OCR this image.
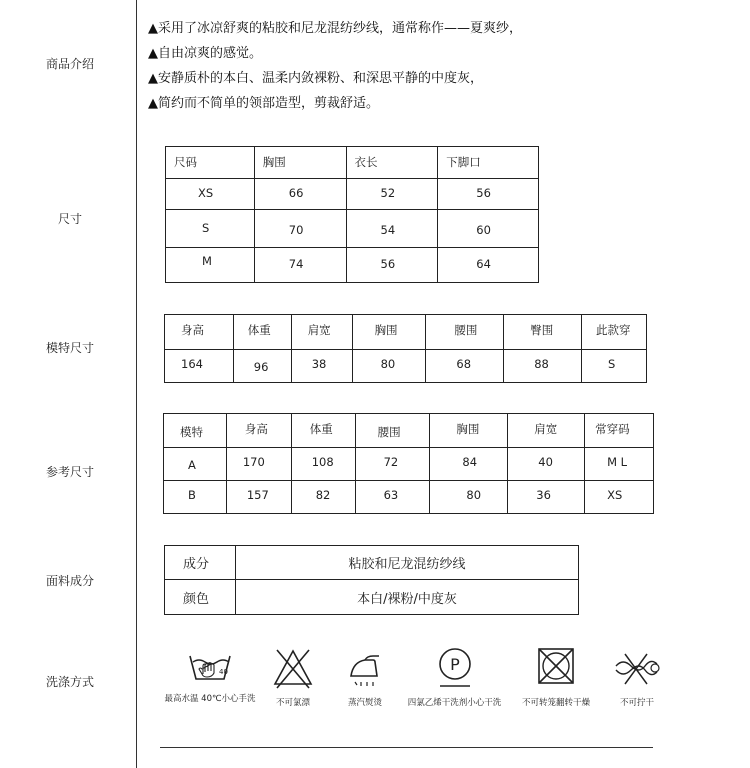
商品介绍
尺寸
模特尺寸
参考尺寸
面料成分
洗涤方式

▲采用了冰凉舒爽的粘胶和尼龙混纺纱线，通常称作——夏爽纱，

▲自由凉爽的感觉。

▲安静质朴的本白、温柔内敛裸粉、和深思平静的中度灰，

▲简约而不简单的领部造型，剪裁舒适。

尺码	胸围	衣长	下脚口
XS	66	52	56
S	70	54	60
M	74	56	64
身高	体重	肩宽	胸围	腰围	臀围	此款穿
164	96	38	80	68	88	S
模特	身高	体重	腰围	胸围	肩宽	常穿码
A	170	108	72	84	40	M L
B	157	82	63	80	36	XS
成分	粘胶和尼龙混纺纱线
颜色	本白/裸粉/中度灰
40
最高水温 40℃小心手洗	不可氯漂	蒸汽熨烫
P
四氯乙烯干洗剂小心干洗	不可转笼翻转干燥	不可拧干
